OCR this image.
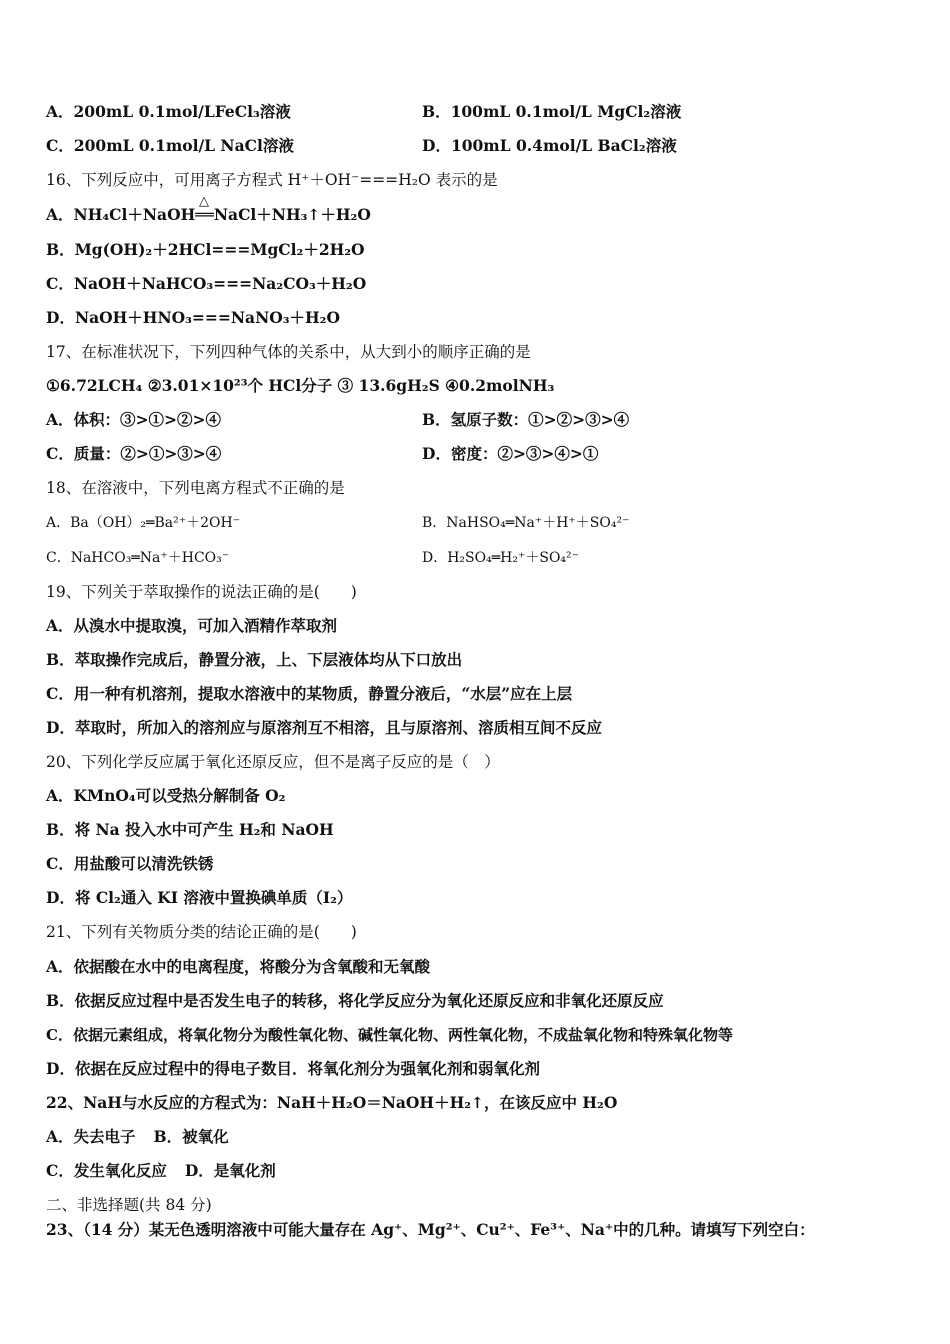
A．200mL 0.1mol/LFeCl₃溶液	B．100mL 0.1mol/L MgCl₂溶液
C．200mL 0.1mol/L NaCl溶液	D．100mL 0.4mol/L BaCl₂溶液
16、下列反应中，可用离子方程式 H⁺＋OH⁻===H₂O 表示的是
A．NH₄Cl＋NaOH══NaCl＋NH₃↑＋H₂O
△
B．Mg(OH)₂＋2HCl===MgCl₂＋2H₂O
C．NaOH＋NaHCO₃===Na₂CO₃＋H₂O
D．NaOH＋HNO₃===NaNO₃＋H₂O
17、在标准状况下，下列四种气体的关系中，从大到小的顺序正确的是
①6.72LCH₄ ②3.01×10²³个 HCl分子 ③ 13.6gH₂S ④0.2molNH₃
A．体积：③>①>②>④	B．氢原子数：①>②>③>④
C．质量：②>①>③>④	D．密度：②>③>④>①
18、在溶液中，下列电离方程式不正确的是
A．Ba（OH）₂═Ba²⁺＋2OH⁻	B．NaHSO₄═Na⁺＋H⁺＋SO₄²⁻
C．NaHCO₃═Na⁺＋HCO₃⁻	D．H₂SO₄═H₂⁺＋SO₄²⁻
19、下列关于萃取操作的说法正确的是(　　)
A．从溴水中提取溴，可加入酒精作萃取剂
B．萃取操作完成后，静置分液，上、下层液体均从下口放出
C．用一种有机溶剂，提取水溶液中的某物质，静置分液后，“水层”应在上层
D．萃取时，所加入的溶剂应与原溶剂互不相溶，且与原溶剂、溶质相互间不反应
20、下列化学反应属于氧化还原反应，但不是离子反应的是（　）
A．KMnO₄可以受热分解制备 O₂
B．将 Na 投入水中可产生 H₂和 NaOH
C．用盐酸可以清洗铁锈
D．将 Cl₂通入 KI 溶液中置换碘单质（I₂）
21、下列有关物质分类的结论正确的是(　　)
A．依据酸在水中的电离程度，将酸分为含氧酸和无氧酸
B．依据反应过程中是否发生电子的转移，将化学反应分为氧化还原反应和非氧化还原反应
C．依据元素组成，将氧化物分为酸性氧化物、碱性氧化物、两性氧化物，不成盐氧化物和特殊氧化物等
D．依据在反应过程中的得电子数目．将氧化剂分为强氧化剂和弱氧化剂
22、NaH与水反应的方程式为：NaH＋H₂O＝NaOH＋H₂↑，在该反应中 H₂O
A．失去电子 B．被氧化
C．发生氧化反应 D．是氧化剂
二、非选择题(共 84 分)
23、（14 分）某无色透明溶液中可能大量存在 Ag⁺、Mg²⁺、Cu²⁺、Fe³⁺、Na⁺中的几种。请填写下列空白：
